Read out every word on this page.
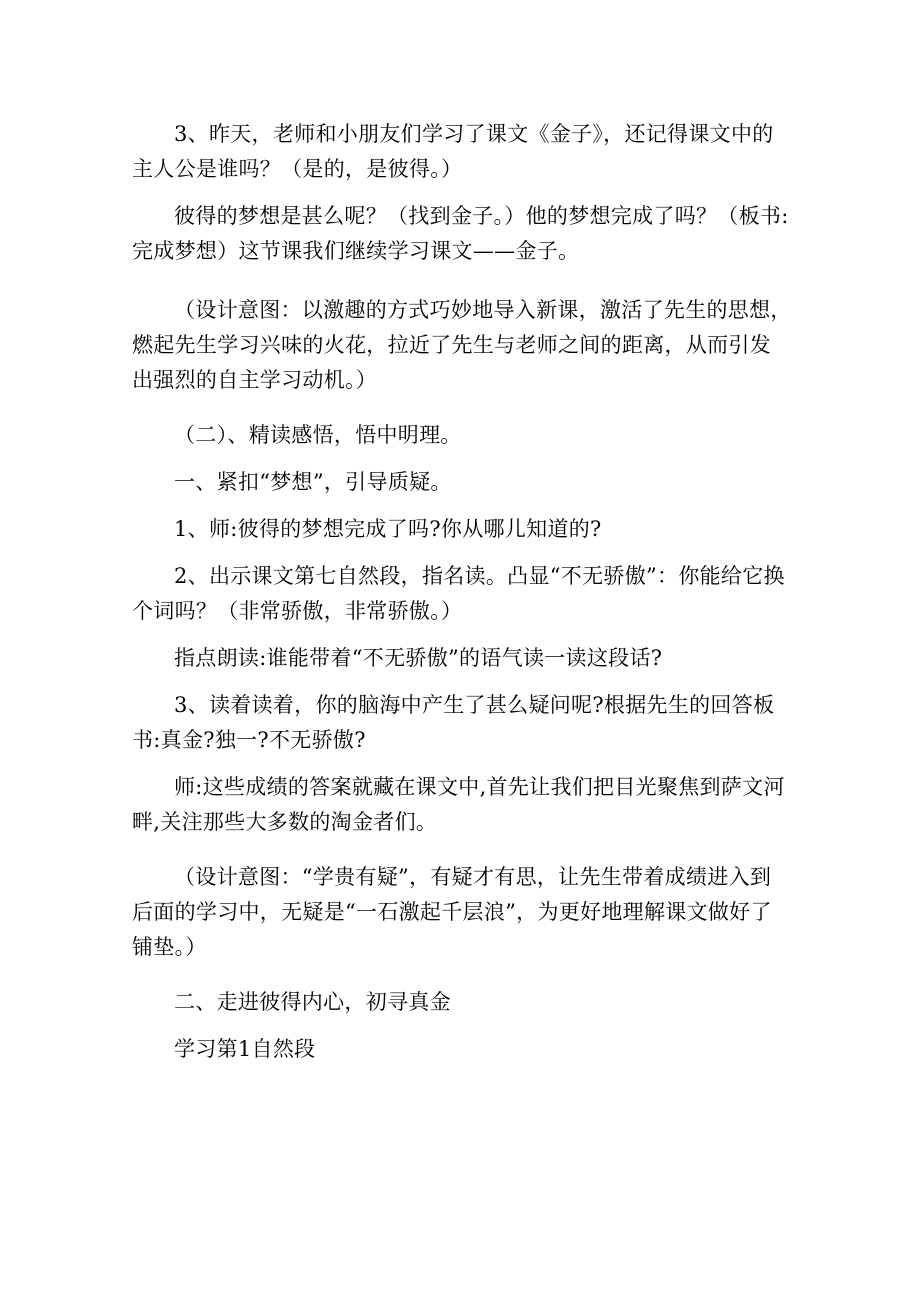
3、昨天，老师和小朋友们学习了课文《金子》，还记得课文中的主人公是谁吗？（是的，是彼得。）

彼得的梦想是甚么呢？（找到金子。）他的梦想完成了吗？（板书:完成梦想）这节课我们继续学习课文——金子。

（设计意图：以激趣的方式巧妙地导入新课，激活了先生的思想，燃起先生学习兴味的火花，拉近了先生与老师之间的距离，从而引发出强烈的自主学习动机。）

（二）、精读感悟，悟中明理。

一、紧扣“梦想”，引导质疑。

1、师:彼得的梦想完成了吗?你从哪儿知道的?

2、出示课文第七自然段，指名读。凸显“不无骄傲”：你能给它换个词吗？（非常骄傲，非常骄傲。）

指点朗读:谁能带着“不无骄傲”的语气读一读这段话?

3、读着读着，你的脑海中产生了甚么疑问呢?根据先生的回答板书:真金?独一?不无骄傲?

师:这些成绩的答案就藏在课文中,首先让我们把目光聚焦到萨文河畔,关注那些大多数的淘金者们。

（设计意图：“学贵有疑”，有疑才有思，让先生带着成绩进入到后面的学习中，无疑是“一石激起千层浪”，为更好地理解课文做好了铺垫。）

二、走进彼得内心，初寻真金

学习第1自然段
